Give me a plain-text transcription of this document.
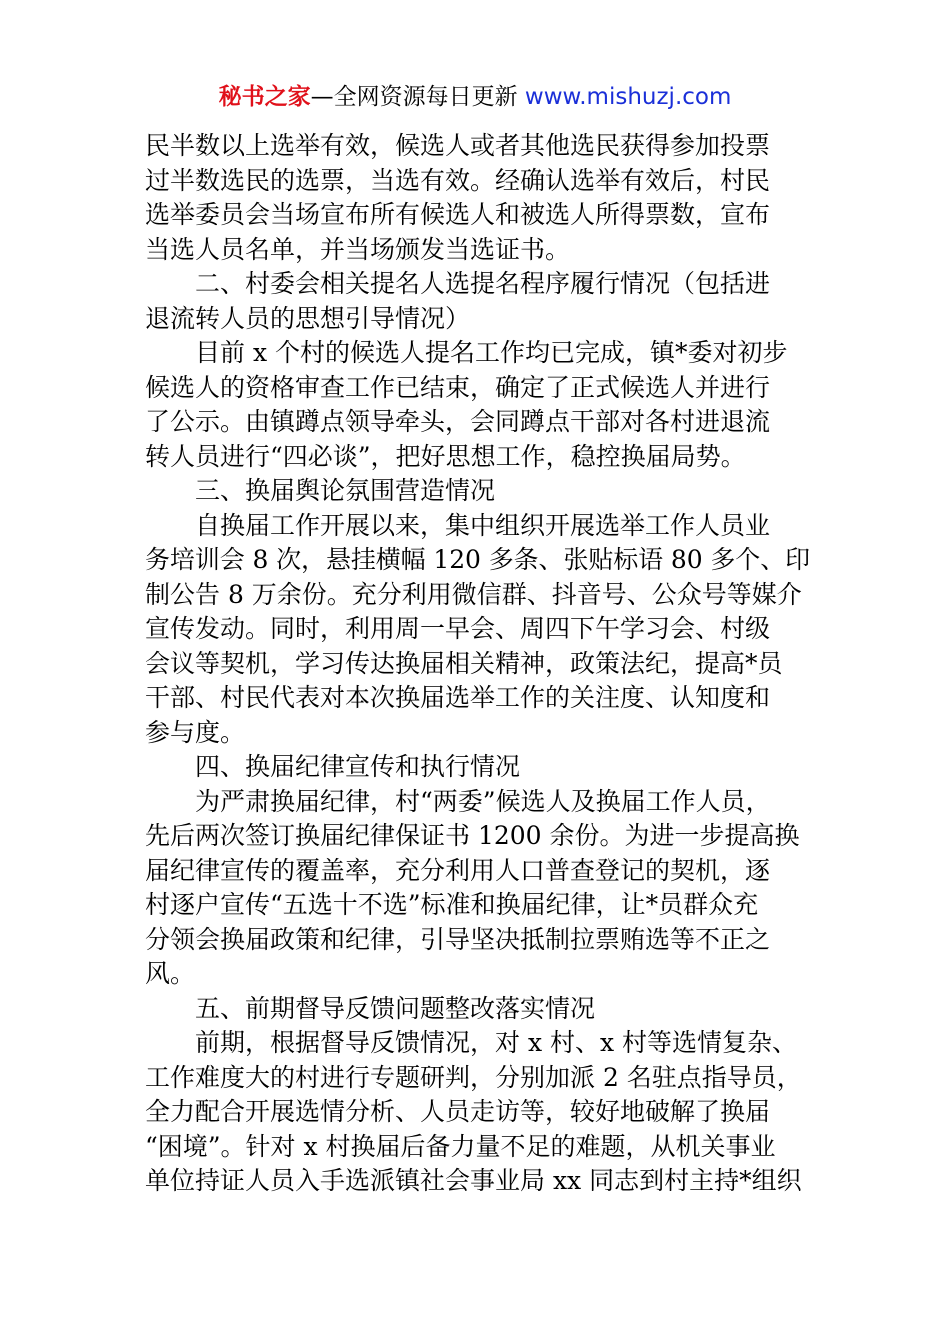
秘书之家—全网资源每日更新 www.mishuzj.com
民半数以上选举有效，候选人或者其他选民获得参加投票
过半数选民的选票，当选有效。经确认选举有效后，村民
选举委员会当场宣布所有候选人和被选人所得票数，宣布
当选人员名单，并当场颁发当选证书。
二、村委会相关提名人选提名程序履行情况（包括进
退流转人员的思想引导情况）
目前 x 个村的候选人提名工作均已完成，镇*委对初步
候选人的资格审查工作已结束，确定了正式候选人并进行
了公示。由镇蹲点领导牵头，会同蹲点干部对各村进退流
转人员进行“四必谈”，把好思想工作，稳控换届局势。
三、换届舆论氛围营造情况
自换届工作开展以来，集中组织开展选举工作人员业
务培训会 8 次，悬挂横幅 120 多条、张贴标语 80 多个、印
制公告 8 万余份。充分利用微信群、抖音号、公众号等媒介
宣传发动。同时，利用周一早会、周四下午学习会、村级
会议等契机，学习传达换届相关精神，政策法纪，提高*员
干部、村民代表对本次换届选举工作的关注度、认知度和
参与度。
四、换届纪律宣传和执行情况
为严肃换届纪律，村“两委”候选人及换届工作人员，
先后两次签订换届纪律保证书 1200 余份。为进一步提高换
届纪律宣传的覆盖率，充分利用人口普查登记的契机，逐
村逐户宣传“五选十不选”标准和换届纪律，让*员群众充
分领会换届政策和纪律，引导坚决抵制拉票贿选等不正之
风。
五、前期督导反馈问题整改落实情况
前期，根据督导反馈情况，对 x 村、x 村等选情复杂、
工作难度大的村进行专题研判，分别加派 2 名驻点指导员，
全力配合开展选情分析、人员走访等，较好地破解了换届
“困境”。针对 x 村换届后备力量不足的难题，从机关事业
单位持证人员入手选派镇社会事业局 xx 同志到村主持*组织
